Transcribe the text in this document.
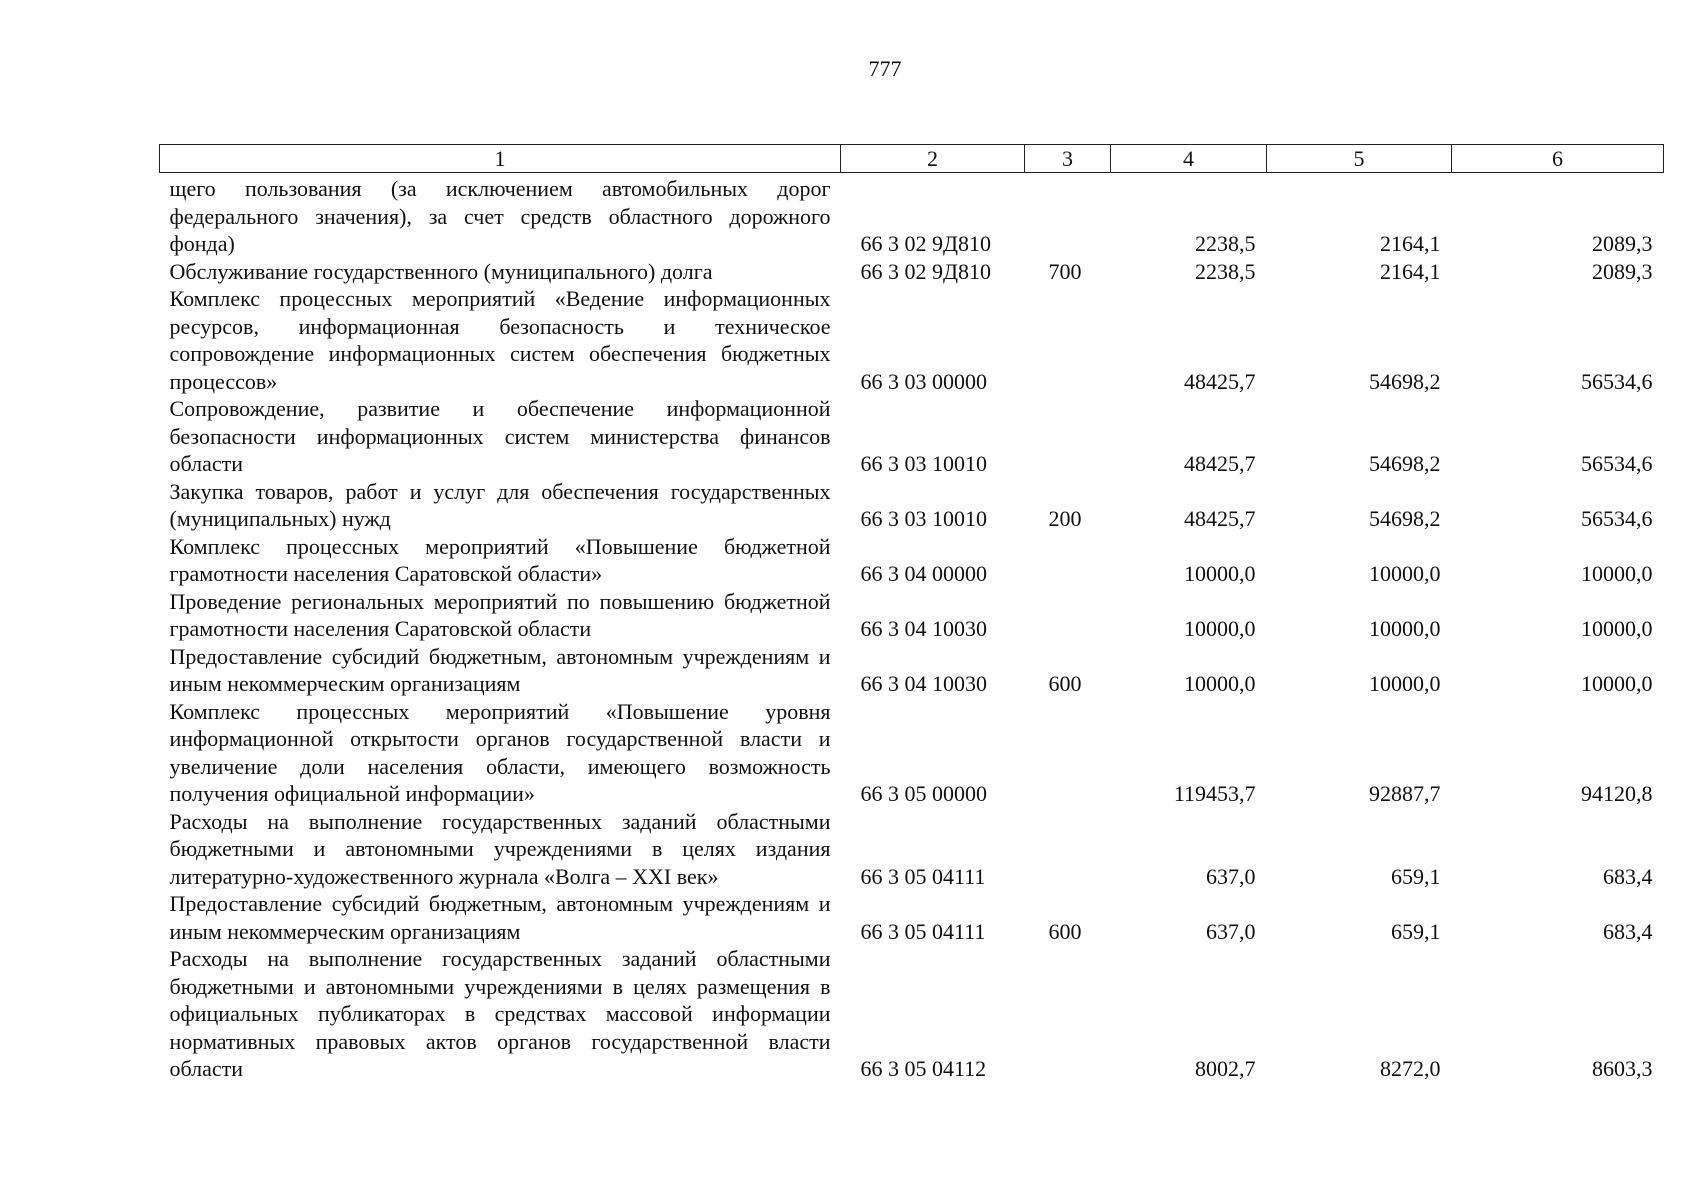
777
1	2	3	4	5	6
щего пользования (за исключением автомобильных дорог федерального значения), за счет средств областного дорожного фонда)	66 3 02 9Д810		2238,5	2164,1	2089,3
Обслуживание государственного (муниципального) долга	66 3 02 9Д810	700	2238,5	2164,1	2089,3
Комплекс процессных мероприятий «Ведение информационных ресурсов, информационная безопасность и техническое сопровождение информационных систем обеспечения бюджетных процессов»	66 3 03 00000		48425,7	54698,2	56534,6
Сопровождение, развитие и обеспечение информационной безопасности информационных систем министерства финансов области	66 3 03 10010		48425,7	54698,2	56534,6
Закупка товаров, работ и услуг для обеспечения государственных (муниципальных) нужд	66 3 03 10010	200	48425,7	54698,2	56534,6
Комплекс процессных мероприятий «Повышение бюджетной грамотности населения Саратовской области»	66 3 04 00000		10000,0	10000,0	10000,0
Проведение региональных мероприятий по повышению бюджетной грамотности населения Саратовской области	66 3 04 10030		10000,0	10000,0	10000,0
Предоставление субсидий бюджетным, автономным учреждениям и иным некоммерческим организациям	66 3 04 10030	600	10000,0	10000,0	10000,0
Комплекс процессных мероприятий «Повышение уровня информационной открытости органов государственной власти и увеличение доли населения области, имеющего возможность получения официальной информации»	66 3 05 00000		119453,7	92887,7	94120,8
Расходы на выполнение государственных заданий областными бюджетными и автономными учреждениями в целях издания литературно-художественного журнала «Волга – XXI век»	66 3 05 04111		637,0	659,1	683,4
Предоставление субсидий бюджетным, автономным учреждениям и иным некоммерческим организациям	66 3 05 04111	600	637,0	659,1	683,4
Расходы на выполнение государственных заданий областными бюджетными и автономными учреждениями в целях размещения в официальных публикаторах в средствах массовой информации нормативных правовых актов органов государственной власти области	66 3 05 04112		8002,7	8272,0	8603,3
